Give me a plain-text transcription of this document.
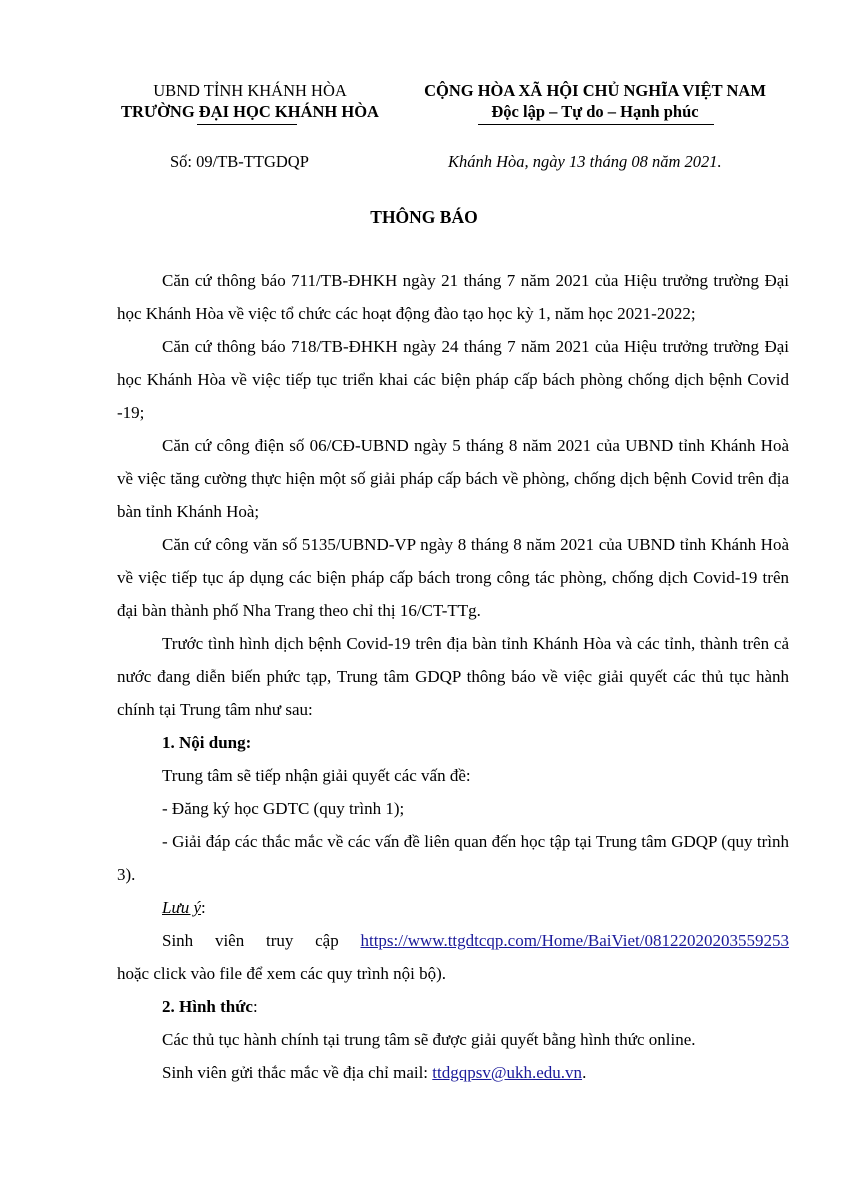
UBND TỈNH KHÁNH HÒA
TRƯỜNG ĐẠI HỌC KHÁNH HÒA
CỘNG HÒA XÃ HỘI CHỦ NGHĨA VIỆT NAM
Độc lập – Tự do – Hạnh phúc
Số: 09/TB-TTGDQP	Khánh Hòa, ngày 13 tháng 08 năm 2021.
THÔNG BÁO

Căn cứ thông báo 711/TB-ĐHKH ngày 21 tháng 7 năm 2021 của Hiệu trưởng trường Đại học Khánh Hòa về việc tổ chức các hoạt động đào tạo học kỳ 1, năm học 2021-2022;

Căn cứ thông báo 718/TB-ĐHKH ngày 24 tháng 7 năm 2021 của Hiệu trưởng trường Đại học Khánh Hòa về việc tiếp tục triển khai các biện pháp cấp bách phòng chống dịch bệnh Covid -19;

Căn cứ công điện số 06/CĐ-UBND ngày 5 tháng 8 năm 2021 của UBND tỉnh Khánh Hoà về việc tăng cường thực hiện một số giải pháp cấp bách về phòng, chống dịch bệnh Covid trên địa bàn tỉnh Khánh Hoà;

Căn cứ công văn số 5135/UBND-VP ngày 8 tháng 8 năm 2021 của UBND tỉnh Khánh Hoà về việc tiếp tục áp dụng các biện pháp cấp bách trong công tác phòng, chống dịch Covid-19 trên đại bàn thành phố Nha Trang theo chỉ thị 16/CT-TTg.

Trước tình hình dịch bệnh Covid-19 trên địa bàn tỉnh Khánh Hòa và các tỉnh, thành trên cả nước đang diễn biến phức tạp, Trung tâm GDQP thông báo về việc giải quyết các thủ tục hành chính tại Trung tâm như sau:

1. Nội dung:

Trung tâm sẽ tiếp nhận giải quyết các vấn đề:

- Đăng ký học GDTC (quy trình 1);

- Giải đáp các thắc mắc về các vấn đề liên quan đến học tập tại Trung tâm GDQP (quy trình 3).

Lưu ý:

Sinh viên truy cập https://www.ttgdtcqp.com/Home/BaiViet/08122020203559253

hoặc click vào file để xem các quy trình nội bộ).

2. Hình thức:

Các thủ tục hành chính tại trung tâm sẽ được giải quyết bằng hình thức online.

Sinh viên gửi thắc mắc về địa chỉ mail: ttdgqpsv@ukh.edu.vn.
